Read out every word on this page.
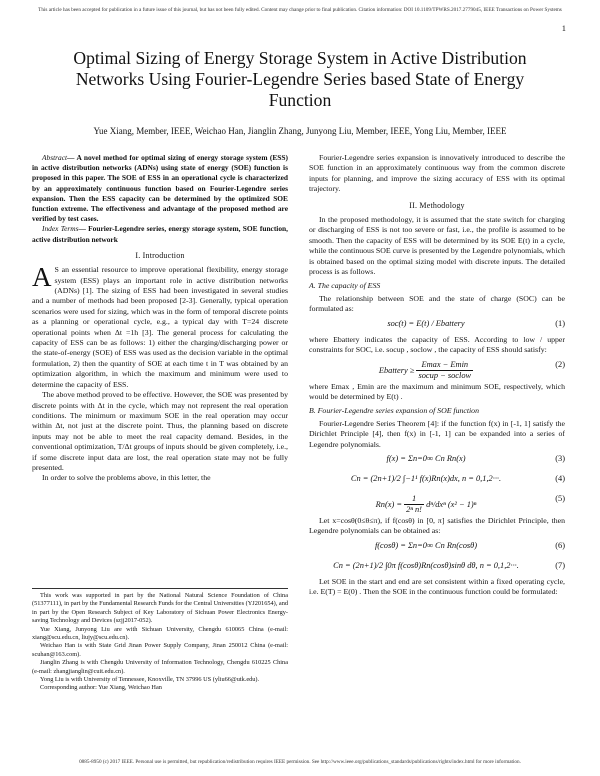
This article has been accepted for publication in a future issue of this journal, but has not been fully edited. Content may change prior to final publication. Citation information: DOI 10.1109/TPWRS.2017.2779045, IEEE Transactions on Power Systems
1
Optimal Sizing of Energy Storage System in Active Distribution Networks Using Fourier-Legendre Series based State of Energy Function
Yue Xiang, Member, IEEE, Weichao Han, Jianglin Zhang, Junyong Liu, Member, IEEE, Yong Liu, Member, IEEE

Abstract— A novel method for optimal sizing of energy storage system (ESS) in active distribution networks (ADNs) using state of energy (SOE) function is proposed in this paper. The SOE of ESS in an operational cycle is characterized by an approximately continuous function based on Fourier-Legendre series expansion. Then the ESS capacity can be determined by the optimized SOE function extreme. The effectiveness and advantage of the proposed method are verified by test cases.

Index Terms— Fourier-Legendre series, energy storage system, SOE function, active distribution network

I. Introduction

A S an essential resource to improve operational flexibility, energy storage system (ESS) plays an important role in active distribution networks (ADNs) [1]. The sizing of ESS had been investigated in several studies and a number of methods had been proposed [2-3]. Generally, typical operation scenarios were used for sizing, which was in the form of temporal discrete points as a planning or operational cycle, e.g., a typical day with T=24 discrete operational points when Δt =1h [3]. The general process for calculating the capacity of ESS can be as follows: 1) either the charging/discharging power or the state-of-energy (SOE) of ESS was used as the decision variable in the optimal formulation, 2) then the quantity of SOE at each time t in T was obtained by an optimization algorithm, in which the maximum and minimum were used to determine the capacity of ESS.

The above method proved to be effective. However, the SOE was presented by discrete points with Δt in the cycle, which may not represent the real operation conditions. The minimum or maximum SOE in the real operation may occur within Δt, not just at the discrete point. Thus, the planning based on discrete inputs may not be able to meet the real capacity demand. Besides, in the conventional optimization, T/Δt groups of inputs should be given completely, i.e., if some discrete input data are lost, the real operation state may not be fully presented.

In order to solve the problems above, in this letter, the

This work was supported in part by the National Natural Science Foundation of China (51377111), in part by the Fundamental Research Funds for the Central Universities (YJ201654), and in part by the Open Research Subject of Key Laboratory of Sichuan Power Electronics Energy-saving Technology and Devices (szjj2017-052).

Yue Xiang, Junyong Liu are with Sichuan University, Chengdu 610065 China (e-mail: xiang@scu.edu.cn, liujy@scu.edu.cn).

Weichao Han is with State Grid Jinan Power Supply Company, Jinan 250012 China (e-mail: scuhan@163.com).

Jianglin Zhang is with Chengdu University of Information Technology, Chengdu 610225 China (e-mail: zhangjianglin@cuit.edu.cn).

Yong Liu is with University of Tennessee, Knoxville, TN 37996 US (yliu66@utk.edu).

Corresponding author: Yue Xiang, Weichao Han

Fourier-Legendre series expansion is innovatively introduced to describe the SOE function in an approximately continuous way from the common discrete inputs for planning, and improve the sizing accuracy of ESS with its optimal trajectory.

II. Methodology

In the proposed methodology, it is assumed that the state switch for charging or discharging of ESS is not too severe or fast, i.e., the profile is assumed to be smooth. Then the capacity of ESS will be determined by its SOE E(t) in a cycle, while the continuous SOE curve is presented by the Legendre polynomials, which is obtained based on the optimal sizing model with discrete inputs. The detailed process is as follows.

A. The capacity of ESS

The relationship between SOE and the state of charge (SOC) can be formulated as:

soc(t) = E(t) / Ebattery	(1)

where Ebattery indicates the capacity of ESS. According to low / upper constraints for SOC, i.e. socup , soclow , the capacity of ESS should satisfy:

Ebattery ≥ $\frac{Emax - Emin}{\text{socup − soclow}}$	(2)

where Emax , Emin are the maximum and minimum SOE, respectively, which would be determined by E(t) .

B. Fourier-Legendre series expansion of SOE function

Fourier-Legendre Series Theorem [4]: if the function f(x) in [-1, 1] satisfy the Dirichlet Principle [4], then f(x) in [-1, 1] can be expanded into a series of Legendre polynomials.

f(x) = Σn=0∞ Cn Rn(x)	(3)
Cn = (2n+1)/2 ∫−1¹ f(x)Rn(x)dx, n = 0,1,2···.	(4)
$Rn(x) = \frac{1}{\text{2ⁿ n!}} d^n/dx^n$ (x² − 1)ⁿ
(5)

Let x=cosθ(0≤θ≤π), if f(cosθ) in [0, π] satisfies the Dirichlet Principle, then Legendre polynomials can be obtained as:

f(cosθ) = Σn=0∞ Cn Rn(cosθ)	(6)
Cn = (2n+1)/2 ∫0π f(cosθ)Rn(cosθ)sinθ dθ, n = 0,1,2···.	(7)

Let SOE in the start and end are set consistent within a fixed operating cycle, i.e. E(T) = E(0) . Then the SOE in the continuous function could be formulated:

0885-8950 (c) 2017 IEEE. Personal use is permitted, but republication/redistribution requires IEEE permission. See http://www.ieee.org/publications_standards/publications/rights/index.html for more information.
